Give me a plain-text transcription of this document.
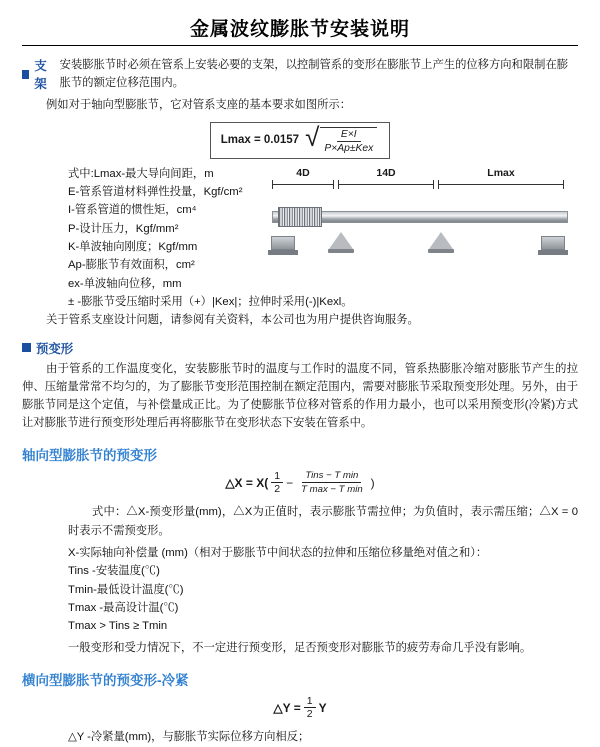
金属波纹膨胀节安装说明
支架
安装膨胀节时必须在管系上安装必要的支架，以控制管系的变形在膨胀节上产生的位移方向和限制在膨胀节的额定位移范围内。

例如对于轴向型膨胀节，它对管系支座的基本要求如图所示：

Lmax = 0.0157 √ $\frac{E\times I}{\text{P×Ap±Kex}}$
4D	14D	Lmax
式中:Lmax-最大导向间距，m
E-管系管道材料弹性投量，Kgf/cm²
I-管系管道的惯性矩，cm⁴
P-设计压力，Kgf/mm²
K-单波轴向刚度；Kgf/mm
Ap-膨胀节有效面积，cm²
ex-单波轴向位移，mm
± -膨胀节受压缩时采用（+）|Kex|；拉伸时采用(-)|Kexl。

关于管系支座设计问题，请参阅有关资料，本公司也为用户提供咨询服务。

预变形

由于管系的工作温度变化，安装膨胀节时的温度与工作时的温度不同，管系热膨胀冷缩对膨胀节产生的拉伸、压缩量常常不均匀的，为了膨胀节变形范围控制在额定范围内，需要对膨胀节采取预变形处理。另外，由于膨胀节同是这个定值，与补偿量成正比。为了使膨胀节位移对管系的作用力最小，也可以采用预变形(冷紧)方式让对膨胀节进行预变形处理后再将膨胀节在变形状态下安装在管系中。

轴向型膨胀节的预变形
△X = X( 1
2 −	Tins − T min
T max − T min )

式中：△X-预变形量(mm)，△X为正值时，表示膨胀节需拉伸；为负值时，表示需压缩；△X = 0时表示不需预变形。

X-实际轴向补偿量 (mm)（相对于膨胀节中间状态的拉伸和压缩位移量绝对值之和）：
Tins -安装温度(℃)
Tmin-最低设计温度(℃)
Tmax -最高设计温(℃)
Tmax > Tins ≥ Tmin

一般变形和受力情况下，不一定进行预变形，足否预变形对膨胀节的疲劳寿命几乎没有影响。

横向型膨胀节的预变形-冷紧
△Y = $\frac{1}{2}$ Y
△Y -冷紧量(mm)，与膨胀节实际位移方向相反；
